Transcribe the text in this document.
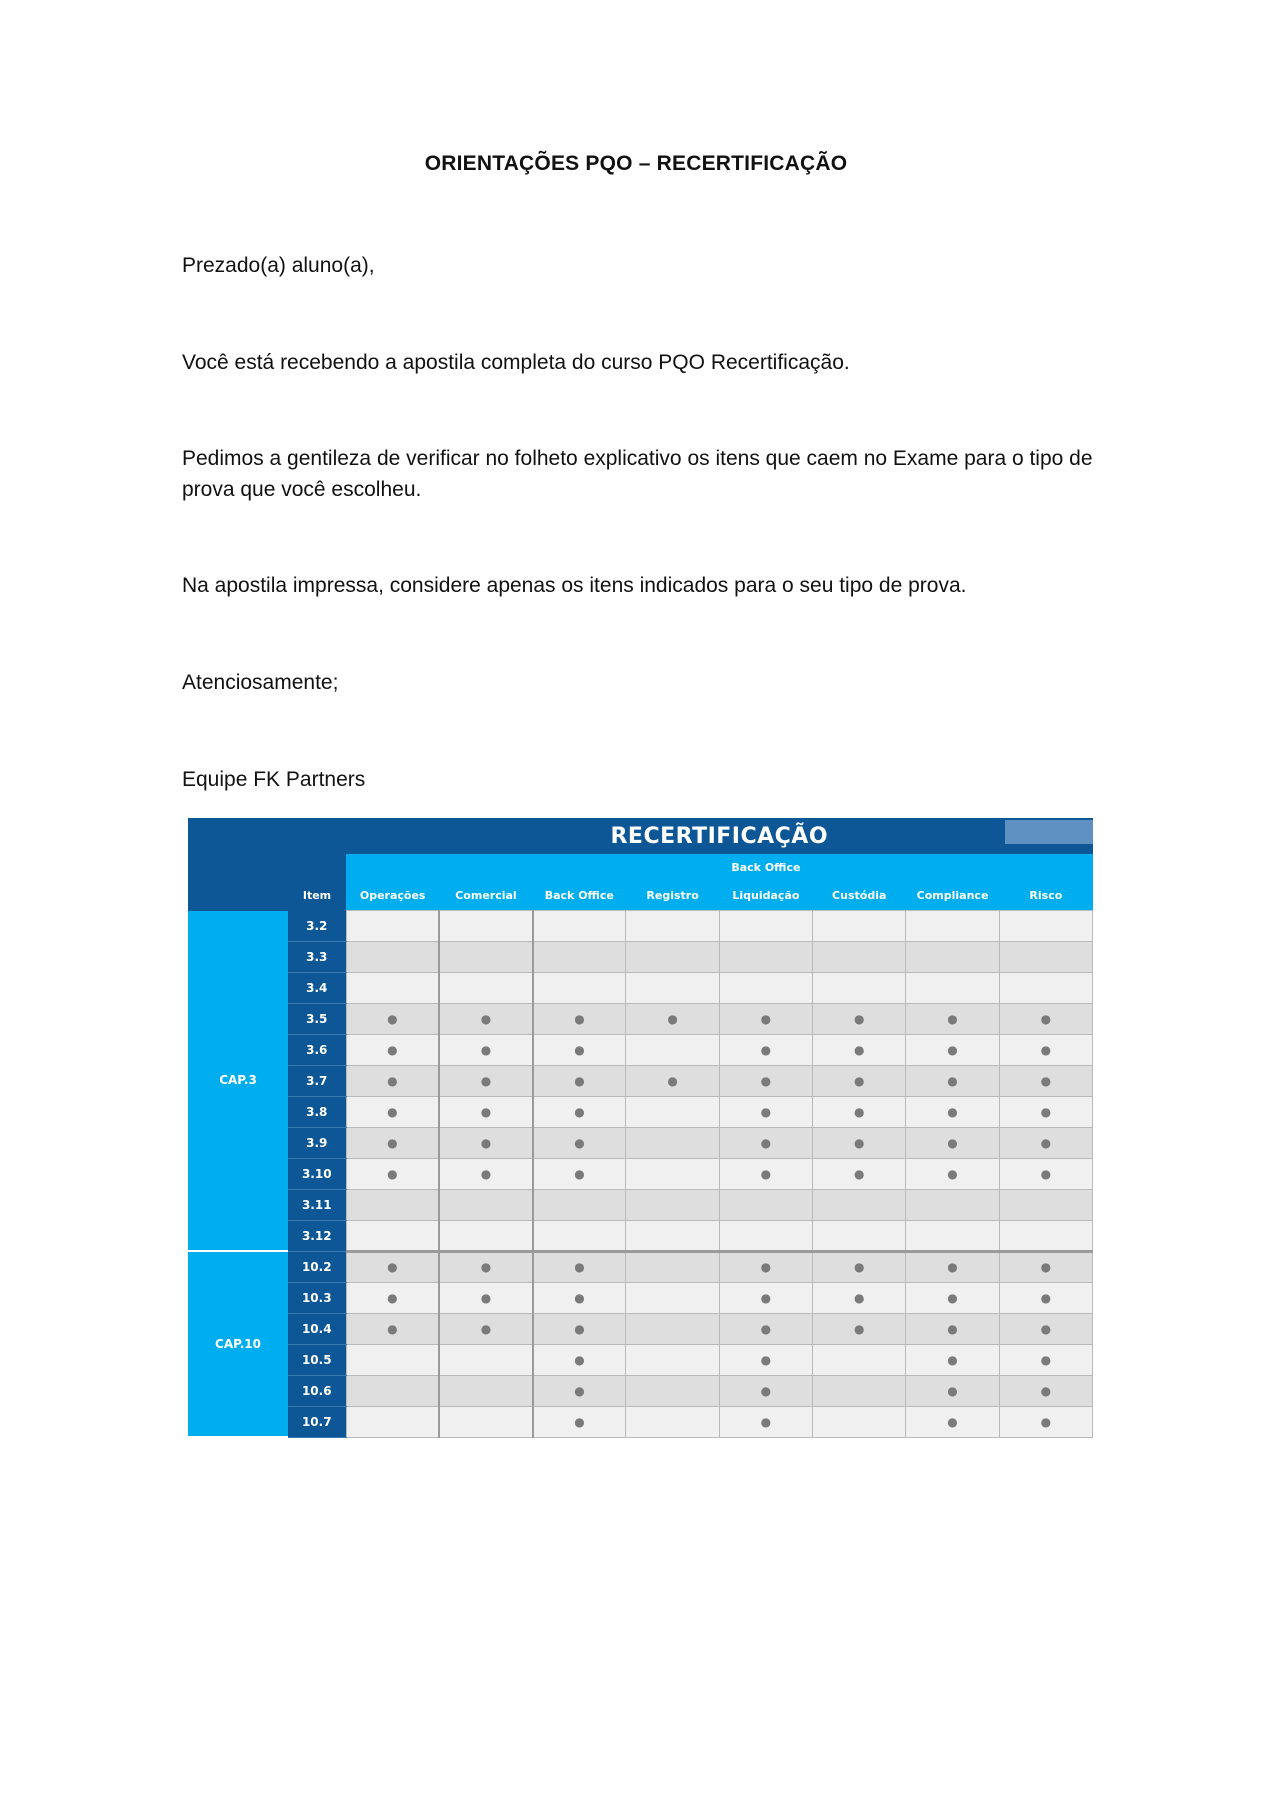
ORIENTAÇÕES PQO – RECERTIFICAÇÃO
Prezado(a) aluno(a),
Você está recebendo a apostila completa do curso PQO Recertificação.
Pedimos a gentileza de verificar no folheto explicativo os itens que caem no Exame para o tipo de prova que você escolheu.
Na apostila impressa, considere apenas os itens indicados para o seu tipo de prova.
Atenciosamente;
Equipe FK Partners
		RECERTIFICAÇÃO							

					Back Office				
	Item	Operações	Comercial	Back Office	Registro	Liquidação	Custódia	Compliance	Risco
CAP.3	3.2								
	3.3								
	3.4								
	3.5	●	●	●	●	●	●	●	●
	3.6	●	●	●		●	●	●	●
	3.7	●	●	●	●	●	●	●	●
	3.8	●	●	●		●	●	●	●
	3.9	●	●	●		●	●	●	●
	3.10	●	●	●		●	●	●	●
	3.11								
	3.12								
CAP.10	10.2	●	●	●		●	●	●	●
	10.3	●	●	●		●	●	●	●
	10.4	●	●	●		●	●	●	●
	10.5			●		●		●	●
	10.6			●		●		●	●
	10.7			●		●		●	●
